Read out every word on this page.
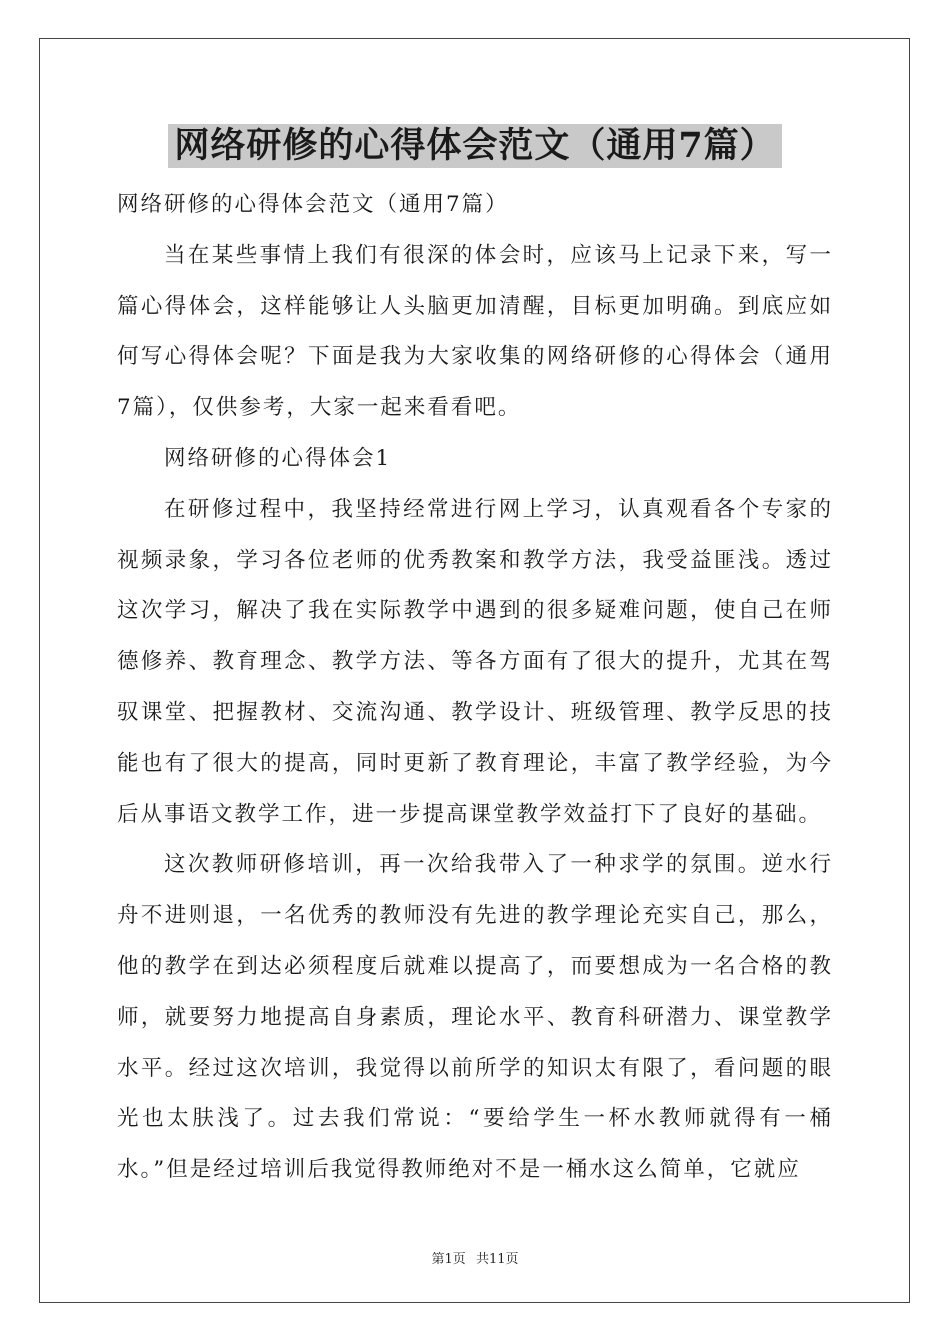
网络研修的心得体会范文（通用7篇）

网络研修的心得体会范文（通用7篇）

当在某些事情上我们有很深的体会时，应该马上记录下来，写一篇心得体会，这样能够让人头脑更加清醒，目标更加明确。到底应如何写心得体会呢？下面是我为大家收集的网络研修的心得体会（通用7篇），仅供参考，大家一起来看看吧。

网络研修的心得体会1

在研修过程中，我坚持经常进行网上学习，认真观看各个专家的视频录象，学习各位老师的优秀教案和教学方法，我受益匪浅。透过这次学习，解决了我在实际教学中遇到的很多疑难问题，使自己在师德修养、教育理念、教学方法、等各方面有了很大的提升，尤其在驾驭课堂、把握教材、交流沟通、教学设计、班级管理、教学反思的技能也有了很大的提高，同时更新了教育理论，丰富了教学经验，为今后从事语文教学工作，进一步提高课堂教学效益打下了良好的基础。

这次教师研修培训，再一次给我带入了一种求学的氛围。逆水行舟不进则退，一名优秀的教师没有先进的教学理论充实自己，那么，他的教学在到达必须程度后就难以提高了，而要想成为一名合格的教师，就要努力地提高自身素质，理论水平、教育科研潜力、课堂教学水平。经过这次培训，我觉得以前所学的知识太有限了，看问题的眼光也太肤浅了。过去我们常说：“要给学生一杯水教师就得有一桶水。”但是经过培训后我觉得教师绝对不是一桶水这么简单，它就应

第1页 共11页
